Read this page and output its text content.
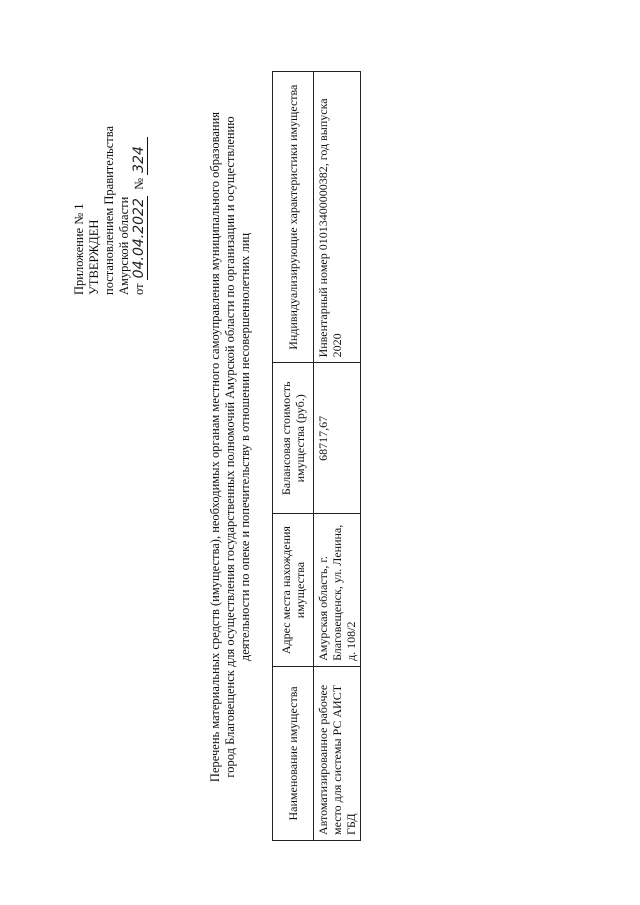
Приложение № 1 УТВЕРЖДЕН постановлением Правительства Амурской области от 04.04.2022  № 324	Перечень материальных средств (имущества), необходимых органам местного самоуправления муниципального образования город Благовещенск для осуществления государственных полномочий Амурской области по организации и осуществлению деятельности по опеке и попечительству в отношении несовершеннолетних лиц
Наименование имущества	Адрес места нахождения имущества	Балансовая стоимость имущества (руб.)	Индивидуализирующие характеристики имущества
Автоматизированное рабочее место для системы РС АИСТ ГБД	Амурская область, г. Благовещенск, ул. Ленина, д. 108/2	68717,67	Инвентарный номер 01013400000382, год выпуска 2020
